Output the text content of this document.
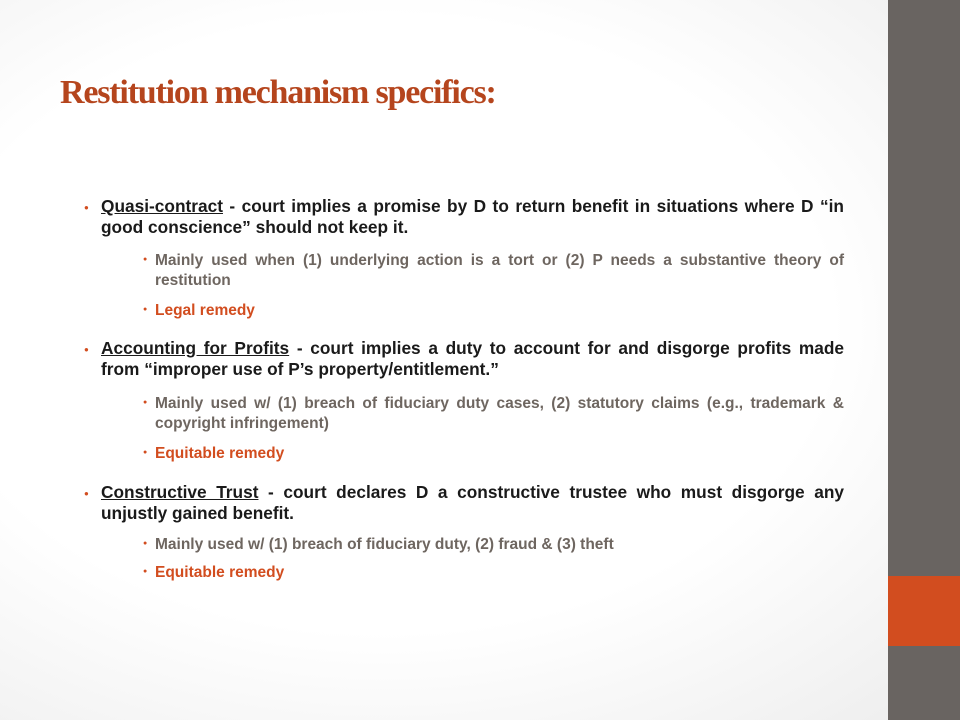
Restitution mechanism specifics:
● Quasi-contract - court implies a promise by D to return benefit in situations where D “in good conscience” should not keep it.
● Mainly used when (1) underlying action is a tort or (2) P needs a substantive theory of restitution
● Legal remedy
● Accounting for Profits - court implies a duty to account for and disgorge profits made from “improper use of P’s property/entitlement.”
● Mainly used w/ (1) breach of fiduciary duty cases, (2) statutory claims (e.g., trademark & copyright infringement)
● Equitable remedy
● Constructive Trust - court declares D a constructive trustee who must disgorge any unjustly gained benefit.
● Mainly used w/ (1) breach of fiduciary duty, (2) fraud & (3) theft
● Equitable remedy
